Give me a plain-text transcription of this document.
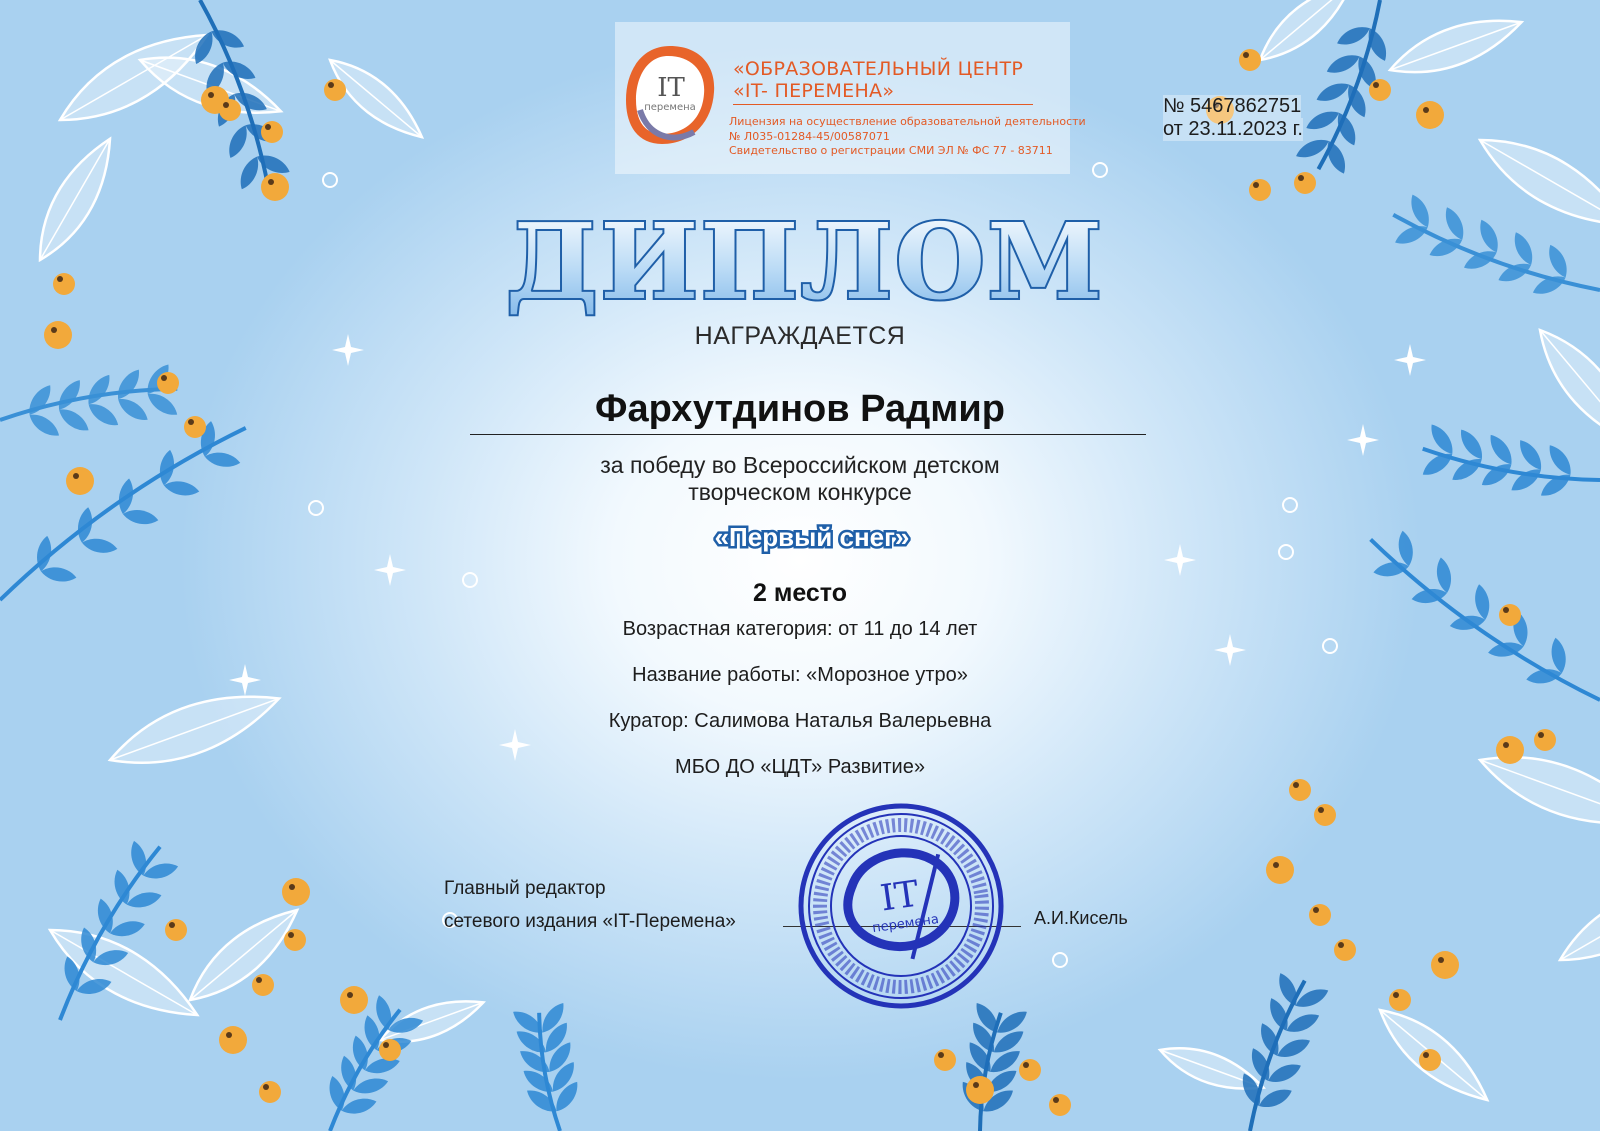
IT
перемена
«ОБРАЗОВАТЕЛЬНЫЙ ЦЕНТР
«IT- ПЕРЕМЕНА»
Лицензия на осуществление образовательной деятельности
№ Л035-01284-45/00587071
Свидетельство о регистрации СМИ ЭЛ № ФС 77 - 83711
№ 5467862751
от 23.11.2023 г.
ДИПЛОМ
НАГРАЖДАЕТСЯ
Фархутдинов Радмир
за победу во Всероссийском детском
творческом конкурсе
«Первый снег»
2 место
Возрастная категория: от 11 до 14 лет
Название работы: «Морозное утро»
Куратор: Салимова Наталья Валерьевна
МБО ДО «ЦДТ» Развитие»
Главный редактор
сетевого издания «IT-Перемена»	А.И.Кисель
IT
перемена
